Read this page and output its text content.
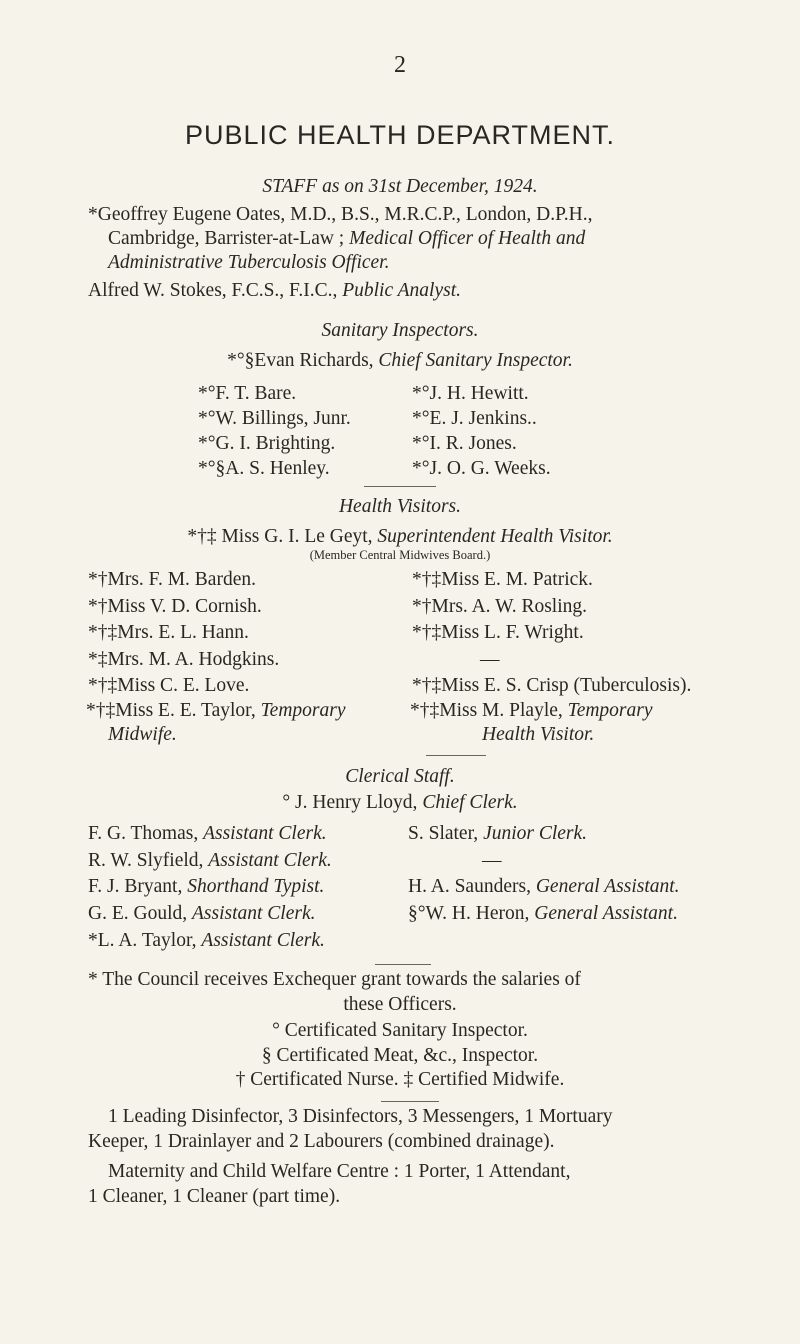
2
PUBLIC HEALTH DEPARTMENT.
STAFF as on 31st December, 1924.
*Geoffrey Eugene Oates, M.D., B.S., M.R.C.P., London, D.P.H.,
Cambridge, Barrister-at-Law ; Medical Officer of Health and
Administrative Tuberculosis Officer.
Alfred W. Stokes, F.C.S., F.I.C., Public Analyst.
Sanitary Inspectors.
*°§Evan Richards, Chief Sanitary Inspector.
*°F. T. Bare.
*°W. Billings, Junr.
*°G. I. Brighting.
*°§A. S. Henley.
*°J. H. Hewitt.
*°E. J. Jenkins..
*°I. R. Jones.
*°J. O. G. Weeks.
Health Visitors.
*†‡ Miss G. I. Le Geyt, Superintendent Health Visitor.
(Member Central Midwives Board.)
*†Mrs. F. M. Barden.
*†Miss V. D. Cornish.
*†‡Mrs. E. L. Hann.
*‡Mrs. M. A. Hodgkins.
*†‡Miss C. E. Love.
*†‡Miss E. M. Patrick.
*†Mrs. A. W. Rosling.
*†‡Miss L. F. Wright.
—
*†‡Miss E. S. Crisp (Tuberculosis).
*†‡Miss E. E. Taylor, Temporary
Midwife.
*†‡Miss M. Playle, Temporary
Health Visitor.
Clerical Staff.
° J. Henry Lloyd, Chief Clerk.
F. G. Thomas, Assistant Clerk.
R. W. Slyfield, Assistant Clerk.
F. J. Bryant, Shorthand Typist.
G. E. Gould, Assistant Clerk.
*L. A. Taylor, Assistant Clerk.
S. Slater, Junior Clerk.
—
H. A. Saunders, General Assistant.
§°W. H. Heron, General Assistant.
* The Council receives Exchequer grant towards the salaries of
these Officers.
° Certificated Sanitary Inspector.
§ Certificated Meat, &c., Inspector.
† Certificated Nurse. ‡ Certified Midwife.
1 Leading Disinfector, 3 Disinfectors, 3 Messengers, 1 Mortuary
Keeper, 1 Drainlayer and 2 Labourers (combined drainage).
Maternity and Child Welfare Centre : 1 Porter, 1 Attendant,
1 Cleaner, 1 Cleaner (part time).
